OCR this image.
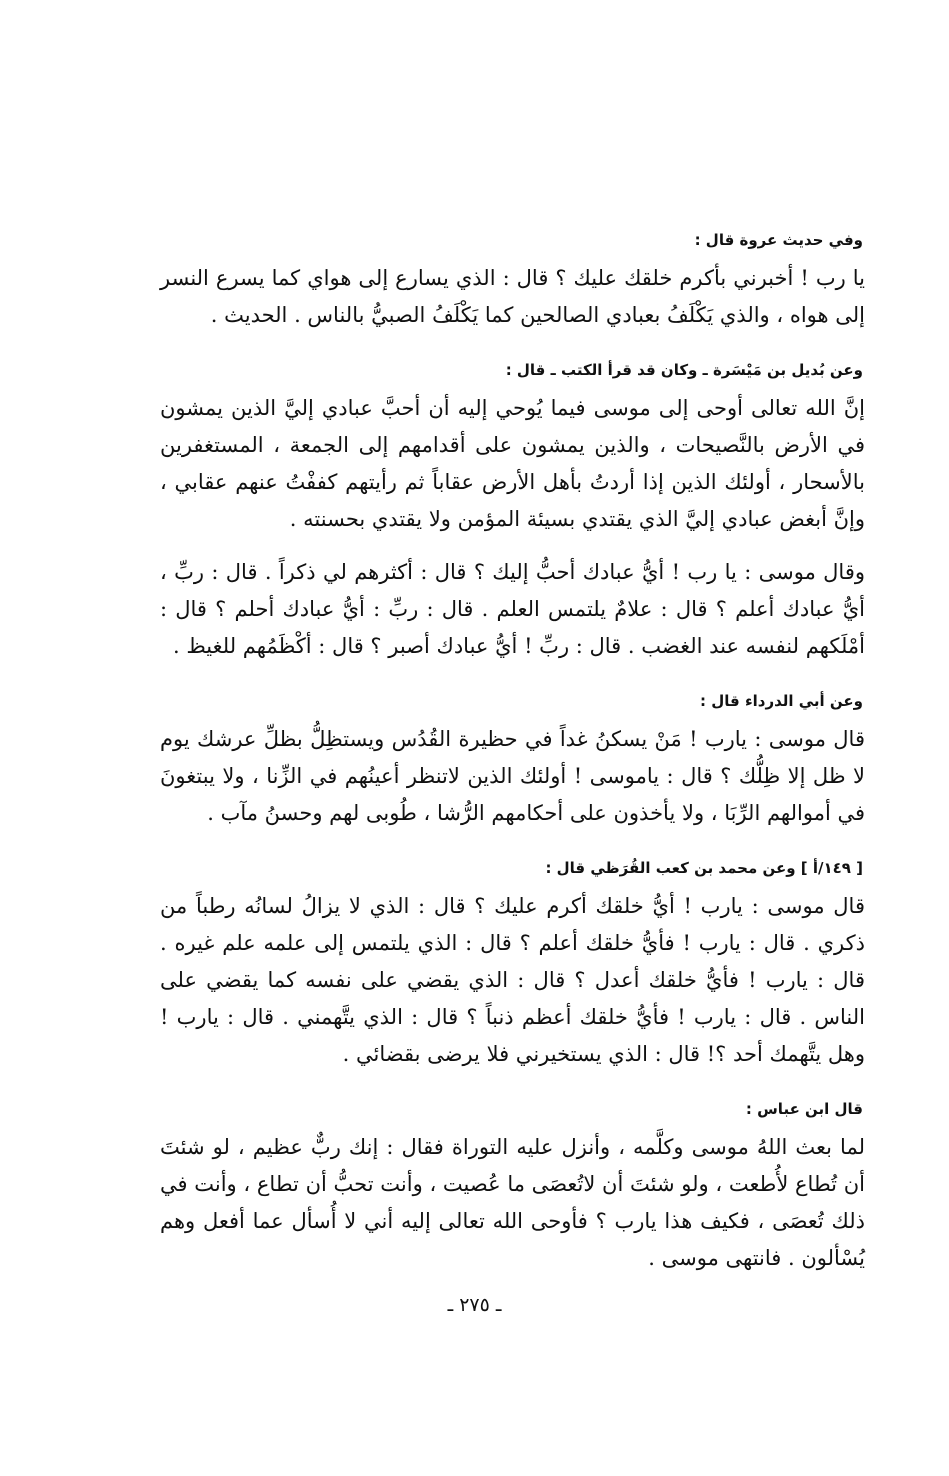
وفي حديث عروة قال :

يا رب ! أخبرني بأكرم خلقك عليك ؟ قال : الذي يسارع إلى هواي كما يسرع النسر إلى هواه ، والذي يَكْلَفُ بعبادي الصالحين كما يَكْلَفُ الصبيُّ بالناس . الحديث .

وعن بُديل بن مَيْسَرة ـ وكان قد قرأ الكتب ـ قال :

إنَّ الله تعالى أوحى إلى موسى فيما يُوحي إليه أن أحبَّ عبادي إليَّ الذين يمشون في الأرض بالنَّصيحات ، والذين يمشون على أقدامهم إلى الجمعة ، المستغفرين بالأسحار ، أولئك الذين إذا أردتُ بأهل الأرض عقاباً ثم رأيتهم كففْتُ عنهم عقابي ، وإنَّ أبغض عبادي إليَّ الذي يقتدي بسيئة المؤمن ولا يقتدي بحسنته .

وقال موسى : يا رب ! أيُّ عبادك أحبُّ إليك ؟ قال : أكثرهم لي ذكراً . قال : ربِّ ، أيُّ عبادك أعلم ؟ قال : علامٌ يلتمس العلم . قال : ربِّ : أيُّ عبادك أحلم ؟ قال : أمْلَكهم لنفسه عند الغضب . قال : ربِّ ! أيُّ عبادك أصبر ؟ قال : أكْظَمُهم للغيظ .

وعن أبي الدرداء قال :

قال موسى : يارب ! مَنْ يسكنُ غداً في حظيرة القُدُس ويستظِلُّ بظلِّ عرشك يوم لا ظل إلا ظِلُّك ؟ قال : ياموسى ! أولئك الذين لاتنظر أعينُهم في الزِّنا ، ولا يبتغونَ في أموالهم الرِّبَا ، ولا يأخذون على أحكامهم الرُّشا ، طُوبى لهم وحسنُ مآب .

[ ١٤٩/أ ] وعن محمد بن كعب القُرَظي قال :

قال موسى : يارب ! أيُّ خلقك أكرم عليك ؟ قال : الذي لا يزالُ لسانُه رطباً من ذكري . قال : يارب ! فأيُّ خلقك أعلم ؟ قال : الذي يلتمس إلى علمه علم غيره . قال : يارب ! فأيُّ خلقك أعدل ؟ قال : الذي يقضي على نفسه كما يقضي على الناس . قال : يارب ! فأيُّ خلقك أعظم ذنباً ؟ قال : الذي يتَّهمني . قال : يارب ! وهل يتَّهمك أحد ؟! قال : الذي يستخيرني فلا يرضى بقضائي .

قال ابن عباس :

لما بعث اللهُ موسى وكلَّمه ، وأنزل عليه التوراة فقال : إنك ربٌّ عظيم ، لو شئتَ أن تُطاع لأُطعت ، ولو شئتَ أن لاتُعصَى ما عُصيت ، وأنت تحبُّ أن تطاع ، وأنت في ذلك تُعصَى ، فكيف هذا يارب ؟ فأوحى الله تعالى إليه أني لا أُسأل عما أفعل وهم يُسْألون . فانتهى موسى .

ـ ٢٧٥ ـ
